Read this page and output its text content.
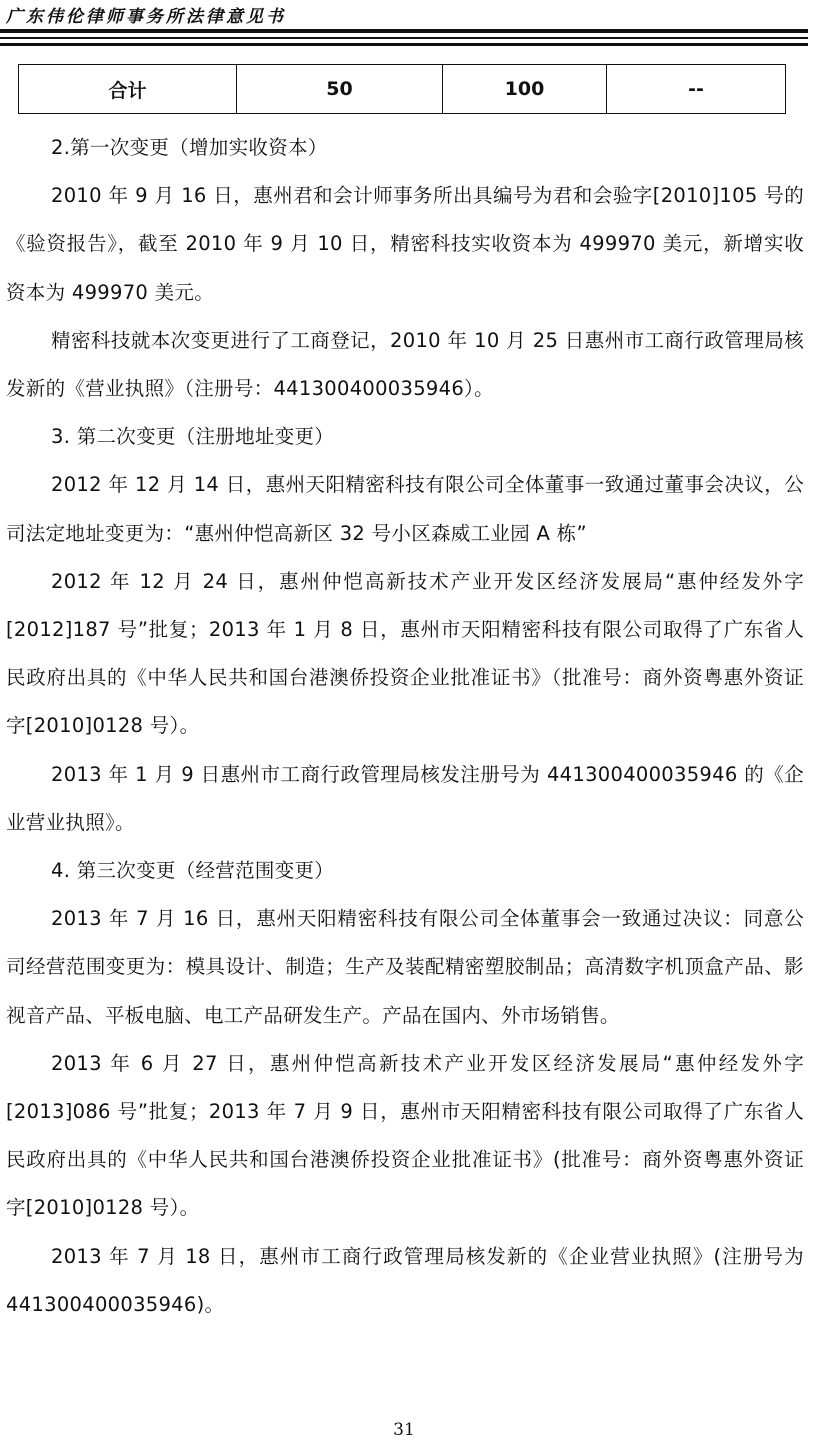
广东伟伦律师事务所法律意见书
合计	50	100	--

2.第一次变更（增加实收资本）

2010 年 9 月 16 日，惠州君和会计师事务所出具编号为君和会验字[2010]105 号的《验资报告》，截至 2010 年 9 月 10 日，精密科技实收资本为 499970 美元，新增实收资本为 499970 美元。

精密科技就本次变更进行了工商登记，2010 年 10 月 25 日惠州市工商行政管理局核发新的《营业执照》（注册号：441300400035946）。

3. 第二次变更（注册地址变更）

2012 年 12 月 14 日，惠州天阳精密科技有限公司全体董事一致通过董事会决议，公司法定地址变更为：“惠州仲恺高新区 32 号小区森威工业园 A 栋”

2012 年 12 月 24 日，惠州仲恺高新技术产业开发区经济发展局“惠仲经发外字[2012]187 号”批复；2013 年 1 月 8 日，惠州市天阳精密科技有限公司取得了广东省人民政府出具的《中华人民共和国台港澳侨投资企业批准证书》（批准号：商外资粤惠外资证字[2010]0128 号）。

2013 年 1 月 9 日惠州市工商行政管理局核发注册号为 441300400035946 的《企业营业执照》。

4. 第三次变更（经营范围变更）

2013 年 7 月 16 日，惠州天阳精密科技有限公司全体董事会一致通过决议：同意公司经营范围变更为：模具设计、制造；生产及装配精密塑胶制品；高清数字机顶盒产品、影视音产品、平板电脑、电工产品研发生产。产品在国内、外市场销售。

2013 年 6 月 27 日，惠州仲恺高新技术产业开发区经济发展局“惠仲经发外字[2013]086 号”批复；2013 年 7 月 9 日，惠州市天阳精密科技有限公司取得了广东省人民政府出具的《中华人民共和国台港澳侨投资企业批准证书》(批准号：商外资粤惠外资证字[2010]0128 号）。

2013 年 7 月 18 日，惠州市工商行政管理局核发新的《企业营业执照》(注册号为 441300400035946)。

31
